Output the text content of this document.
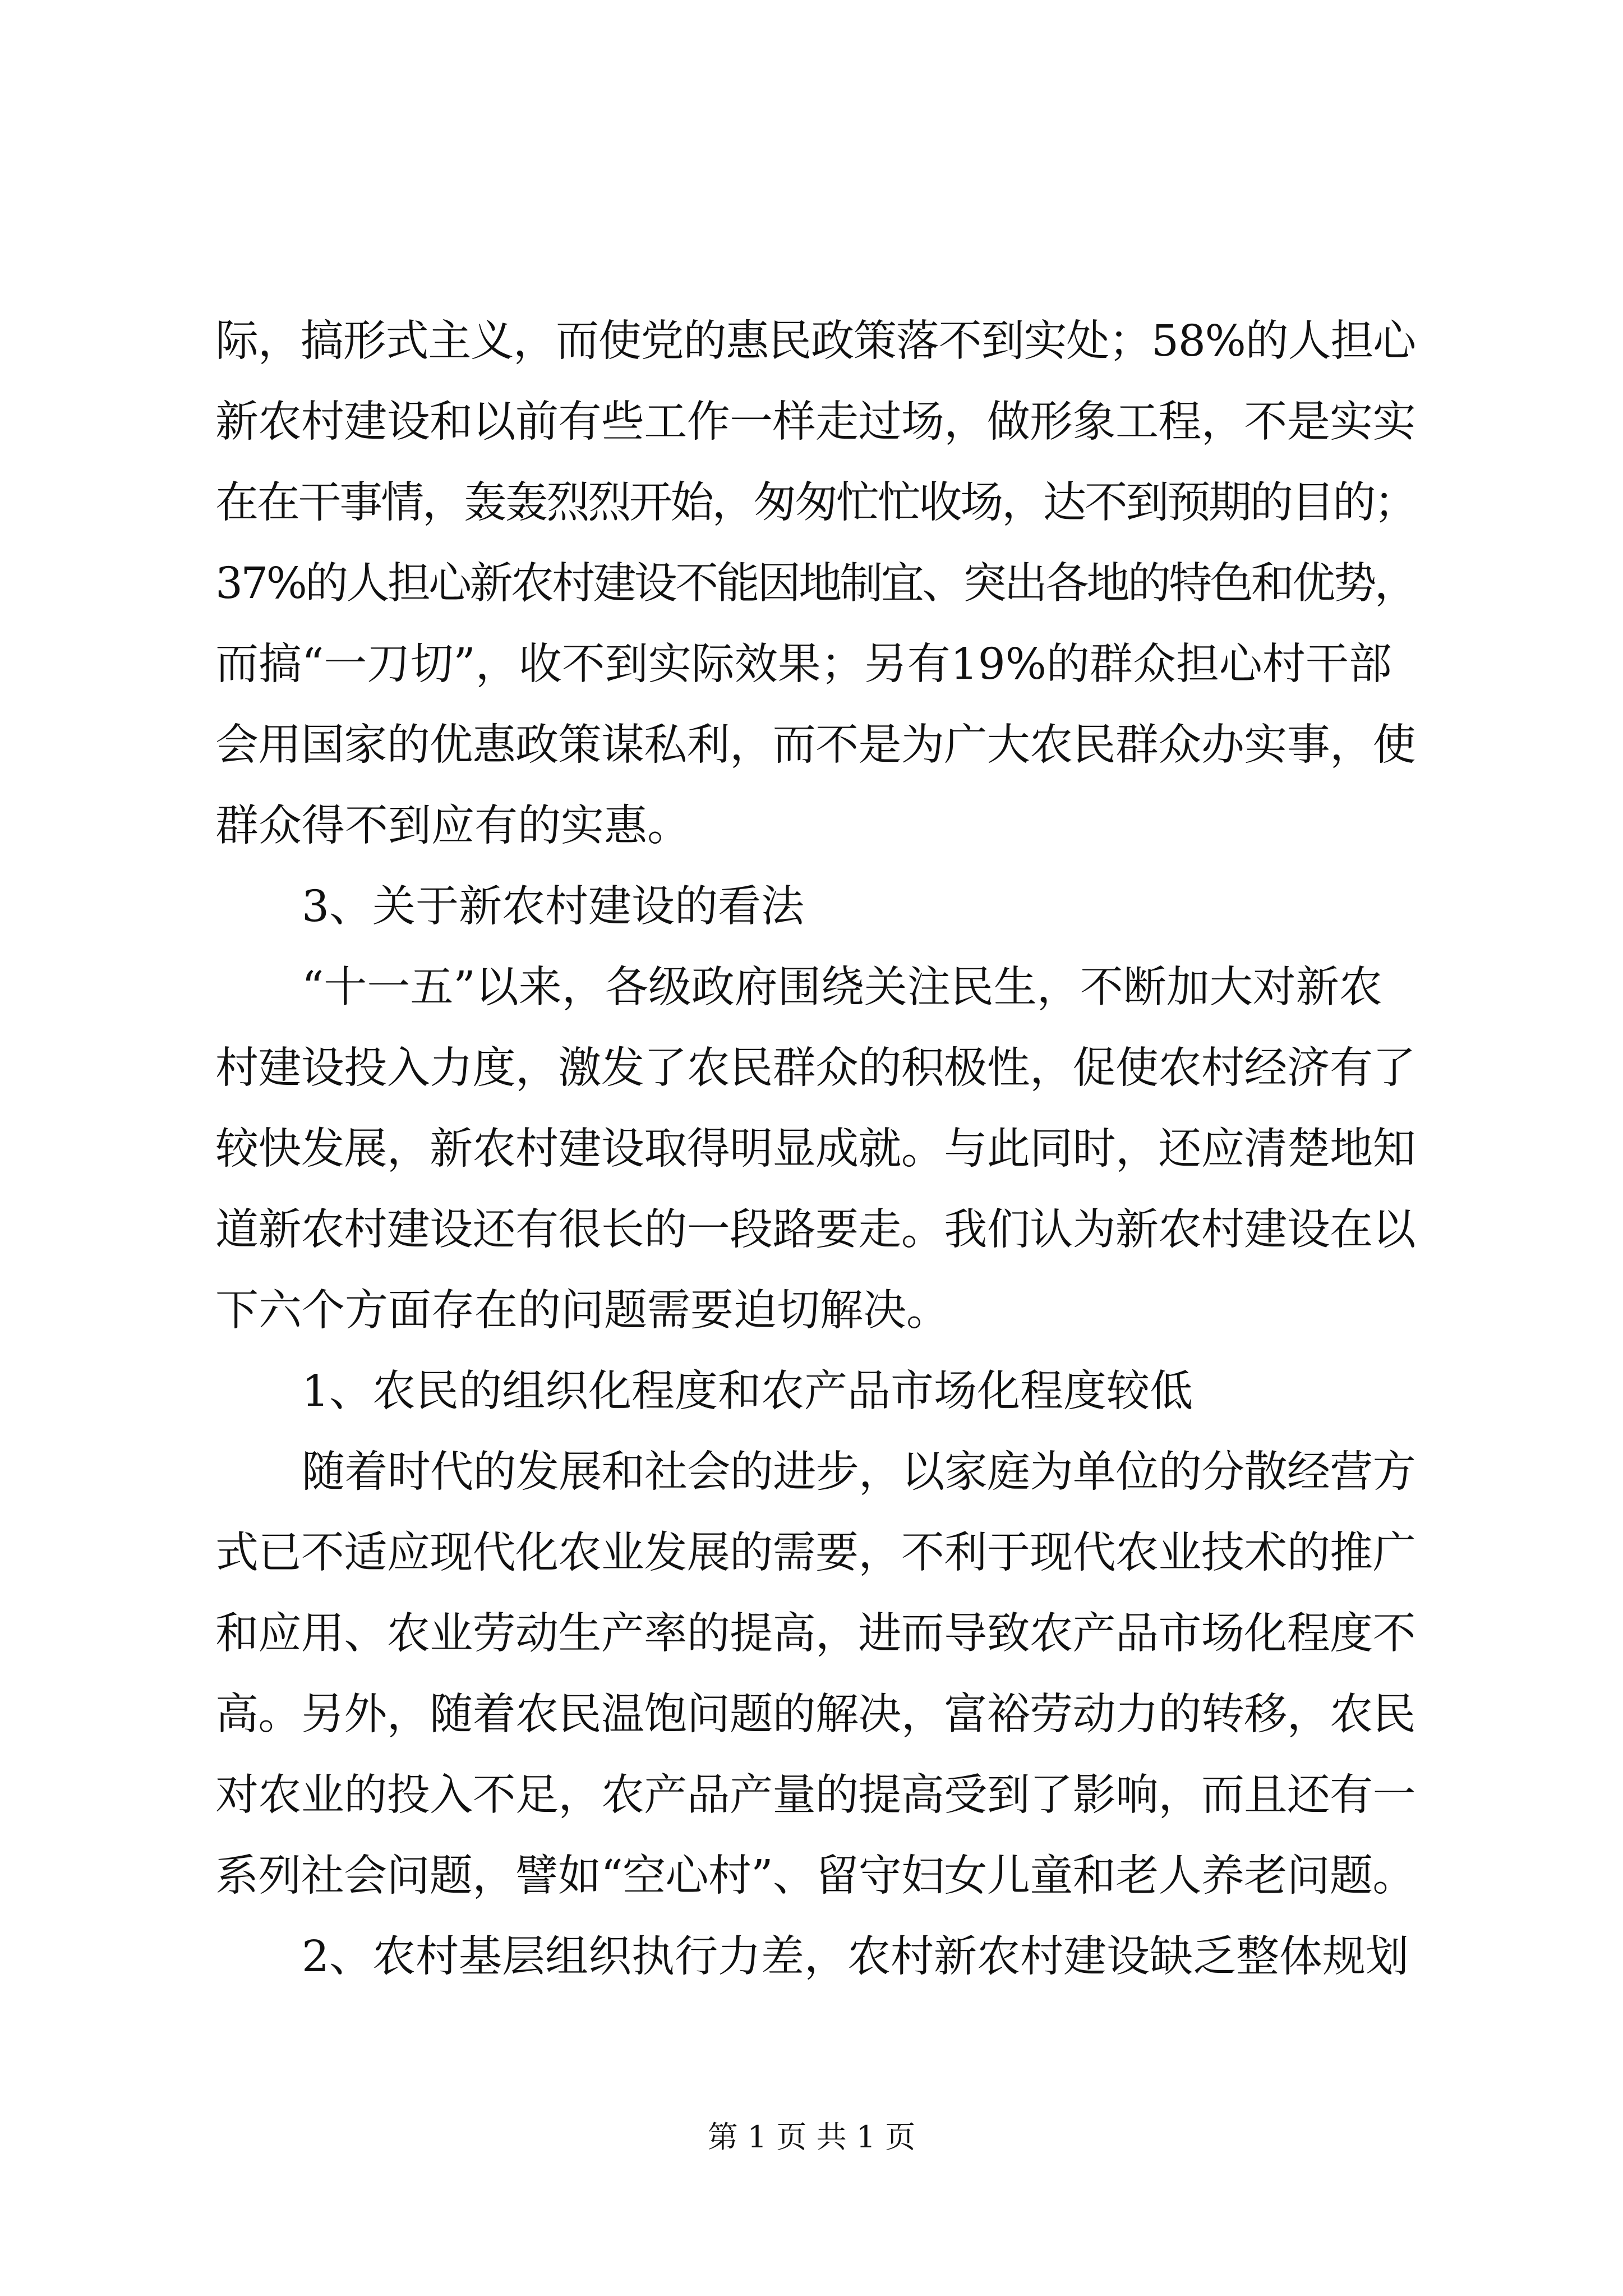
际，搞形式主义，而使党的惠民政策落不到实处；58%的人担心
新农村建设和以前有些工作一样走过场，做形象工程，不是实实
在在干事情，轰轰烈烈开始，匆匆忙忙收场，达不到预期的目的；
37%的人担心新农村建设不能因地制宜、突出各地的特色和优势，
而搞“一刀切”，收不到实际效果；另有19%的群众担心村干部
会用国家的优惠政策谋私利，而不是为广大农民群众办实事，使
群众得不到应有的实惠。
3、关于新农村建设的看法
“十一五”以来，各级政府围绕关注民生，不断加大对新农
村建设投入力度，激发了农民群众的积极性，促使农村经济有了
较快发展，新农村建设取得明显成就。与此同时，还应清楚地知
道新农村建设还有很长的一段路要走。我们认为新农村建设在以
下六个方面存在的问题需要迫切解决。
1、农民的组织化程度和农产品市场化程度较低
随着时代的发展和社会的进步，以家庭为单位的分散经营方
式已不适应现代化农业发展的需要，不利于现代农业技术的推广
和应用、农业劳动生产率的提高，进而导致农产品市场化程度不
高。另外，随着农民温饱问题的解决，富裕劳动力的转移，农民
对农业的投入不足，农产品产量的提高受到了影响，而且还有一
系列社会问题，譬如“空心村”、留守妇女儿童和老人养老问题。
2、农村基层组织执行力差，农村新农村建设缺乏整体规划
第 1 页 共 1 页
